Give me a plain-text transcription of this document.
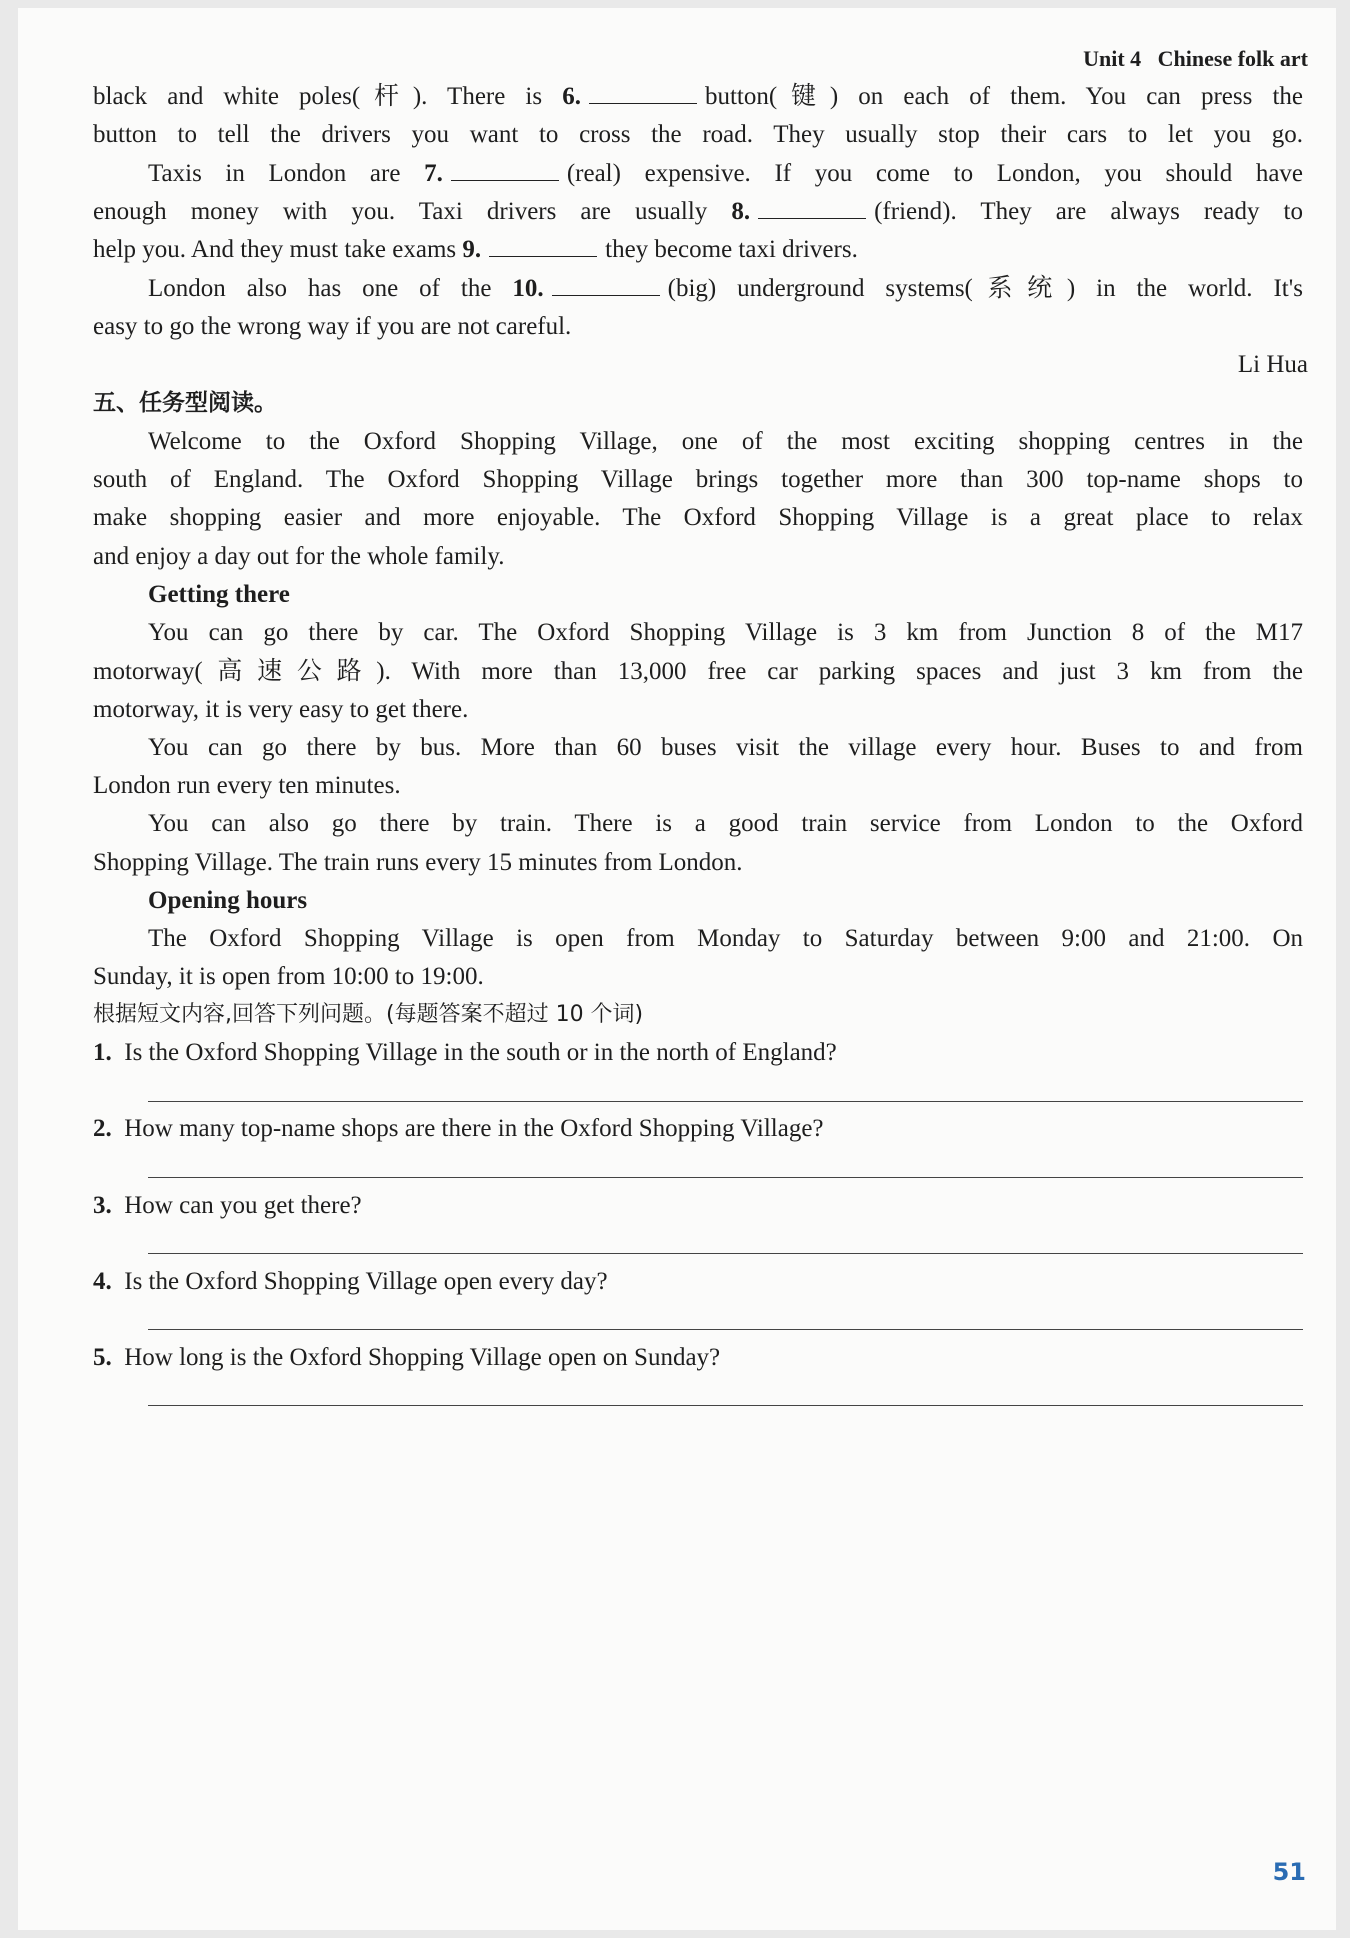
Unit 4   Chinese folk art

black and white poles(杆). There is 6.	button(键) on each of them. You can press the

button to tell the drivers you want to cross the road. They usually stop their cars to let you go.

Taxis in London are 7.	(real) expensive. If you come to London, you should have

enough money with you. Taxi drivers are usually 8.	(friend). They are always ready to

help you. And they must take exams 9.	they become taxi drivers.

London also has one of the 10.	(big) underground systems(系统) in the world. It's

easy to go the wrong way if you are not careful.

Li Hua

五、任务型阅读。

Welcome to the Oxford Shopping Village, one of the most exciting shopping centres in the

south of England. The Oxford Shopping Village brings together more than 300 top-name shops to

make shopping easier and more enjoyable. The Oxford Shopping Village is a great place to relax

and enjoy a day out for the whole family.

Getting there

You can go there by car. The Oxford Shopping Village is 3 km from Junction 8 of the M17

motorway(高速公路). With more than 13,000 free car parking spaces and just 3 km from the

motorway, it is very easy to get there.

You can go there by bus. More than 60 buses visit the village every hour. Buses to and from

London run every ten minutes.

You can also go there by train. There is a good train service from London to the Oxford

Shopping Village. The train runs every 15 minutes from London.

Opening hours

The Oxford Shopping Village is open from Monday to Saturday between 9:00 and 21:00. On

Sunday, it is open from 10:00 to 19:00.

根据短文内容,回答下列问题。(每题答案不超过 10 个词)

1. Is the Oxford Shopping Village in the south or in the north of England?

2. How many top-name shops are there in the Oxford Shopping Village?

3. How can you get there?

4. Is the Oxford Shopping Village open every day?

5. How long is the Oxford Shopping Village open on Sunday?

51
